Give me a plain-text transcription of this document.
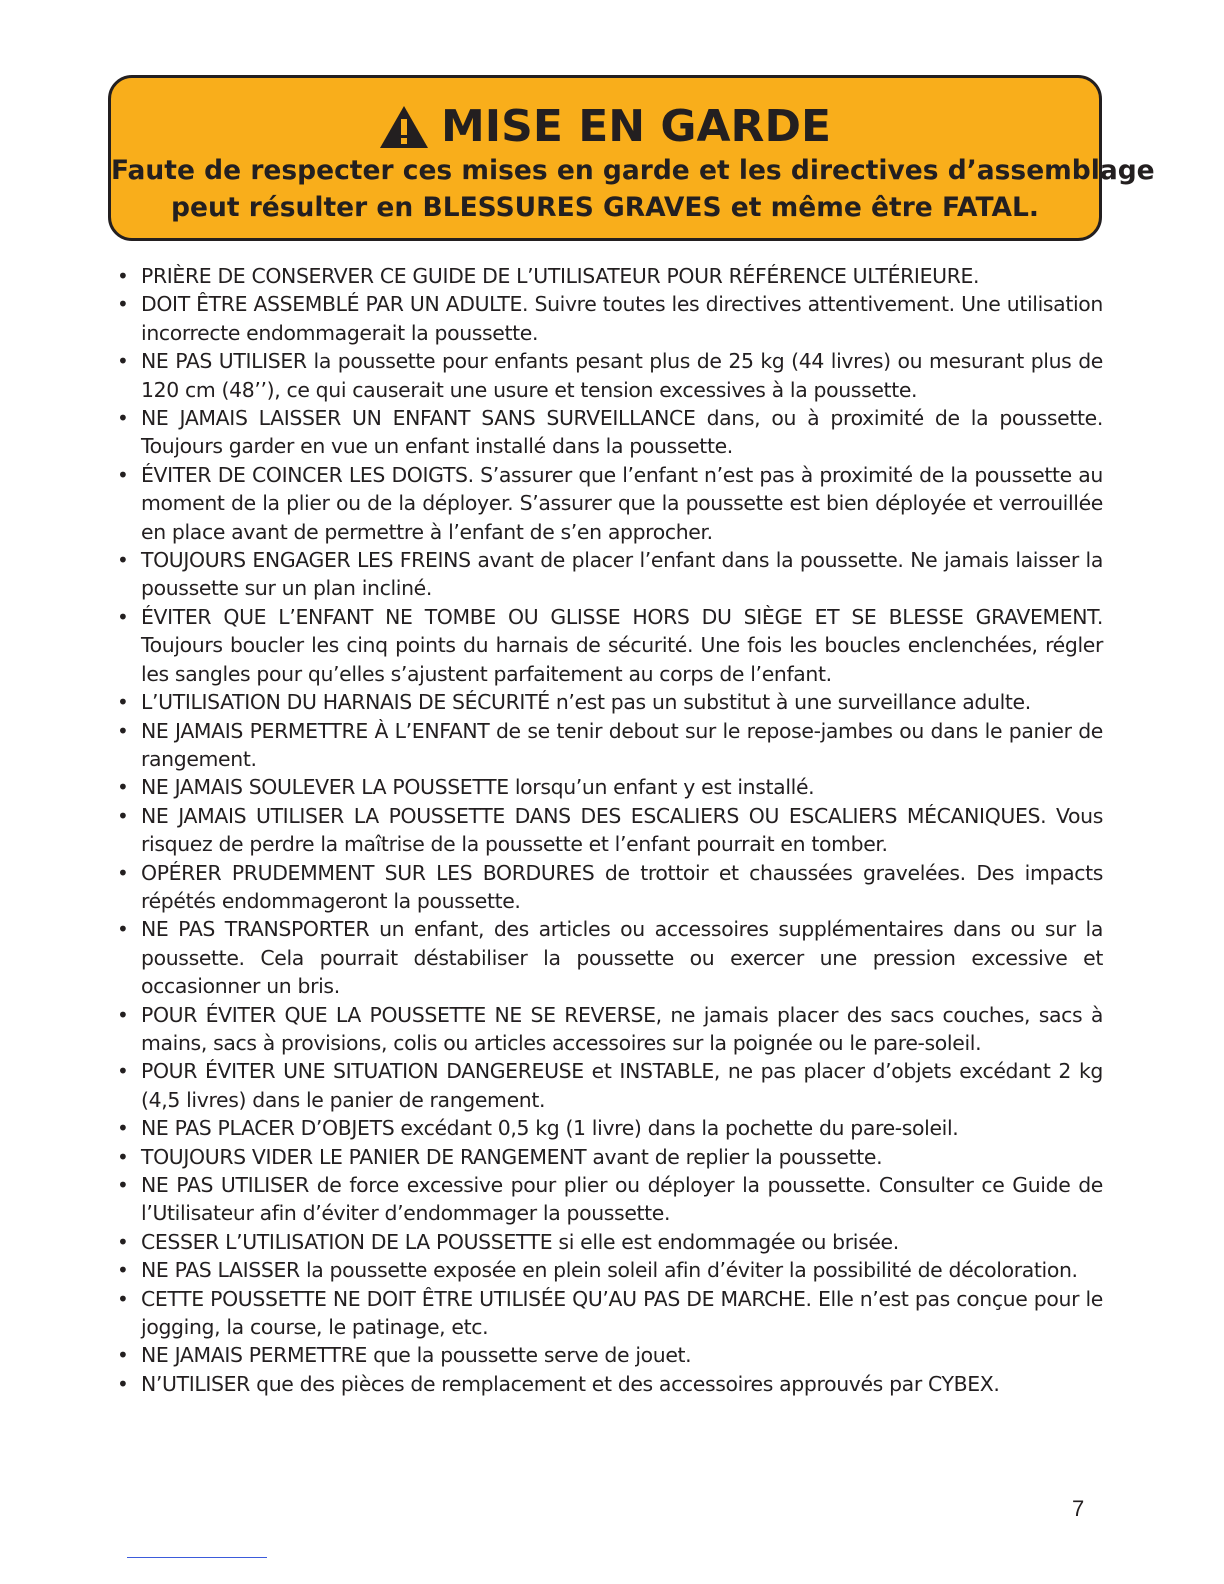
MISE EN GARDE
Faute de respecter ces mises en garde et les directives d’assemblage
peut résulter en BLESSURES GRAVES et même être FATAL.
• PRIÈRE DE CONSERVER CE GUIDE DE L’UTILISATEUR POUR RÉFÉRENCE ULTÉRIEURE.
• DOIT ÊTRE ASSEMBLÉ PAR UN ADULTE. Suivre toutes les directives attentivement. Une utilisation incorrecte endommagerait la poussette.
• NE PAS UTILISER la poussette pour enfants pesant plus de 25 kg (44 livres) ou mesurant plus de 120 cm (48’’), ce qui causerait une usure et tension excessives à la poussette.
• NE JAMAIS LAISSER UN ENFANT SANS SURVEILLANCE dans, ou à proximité de la poussette. Toujours garder en vue un enfant installé dans la poussette.
• ÉVITER DE COINCER LES DOIGTS. S’assurer que l’enfant n’est pas à proximité de la poussette au moment de la plier ou de la déployer. S’assurer que la poussette est bien déployée et verrouillée en place avant de permettre à l’enfant de s’en approcher.
• TOUJOURS ENGAGER LES FREINS avant de placer l’enfant dans la poussette. Ne jamais laisser la poussette sur un plan incliné.
• ÉVITER QUE L’ENFANT NE TOMBE OU GLISSE HORS DU SIÈGE ET SE BLESSE GRAVEMENT. Toujours boucler les cinq points du harnais de sécurité. Une fois les boucles enclenchées, régler les sangles pour qu’elles s’ajustent parfaitement au corps de l’enfant.
• L’UTILISATION DU HARNAIS DE SÉCURITÉ n’est pas un substitut à une surveillance adulte.
• NE JAMAIS PERMETTRE À L’ENFANT de se tenir debout sur le repose-jambes ou dans le panier de rangement.
• NE JAMAIS SOULEVER LA POUSSETTE lorsqu’un enfant y est installé.
• NE JAMAIS UTILISER LA POUSSETTE DANS DES ESCALIERS OU ESCALIERS MÉCANIQUES. Vous risquez de perdre la maîtrise de la poussette et l’enfant pourrait en tomber.
• OPÉRER PRUDEMMENT SUR LES BORDURES de trottoir et chaussées gravelées. Des impacts répétés endommageront la poussette.
• NE PAS TRANSPORTER un enfant, des articles ou accessoires supplémentaires dans ou sur la poussette. Cela pourrait déstabiliser la poussette ou exercer une pression excessive et occasionner un bris.
• POUR ÉVITER QUE LA POUSSETTE NE SE REVERSE, ne jamais placer des sacs couches, sacs à mains, sacs à provisions, colis ou articles accessoires sur la poignée ou le pare-soleil.
• POUR ÉVITER UNE SITUATION DANGEREUSE et INSTABLE, ne pas placer d’objets excédant 2 kg (4,5 livres) dans le panier de rangement.
• NE PAS PLACER D’OBJETS excédant 0,5 kg (1 livre) dans la pochette du pare-soleil.
• TOUJOURS VIDER LE PANIER DE RANGEMENT avant de replier la poussette.
• NE PAS UTILISER de force excessive pour plier ou déployer la poussette. Consulter ce Guide de l’Utilisateur afin d’éviter d’endommager la poussette.
• CESSER L’UTILISATION DE LA POUSSETTE si elle est endommagée ou brisée.
• NE PAS LAISSER la poussette exposée en plein soleil afin d’éviter la possibilité de décoloration.
• CETTE POUSSETTE NE DOIT ÊTRE UTILISÉE QU’AU PAS DE MARCHE. Elle n’est pas conçue pour le jogging, la course, le patinage, etc.
• NE JAMAIS PERMETTRE que la poussette serve de jouet.
• N’UTILISER que des pièces de remplacement et des accessoires approuvés par CYBEX.
7
